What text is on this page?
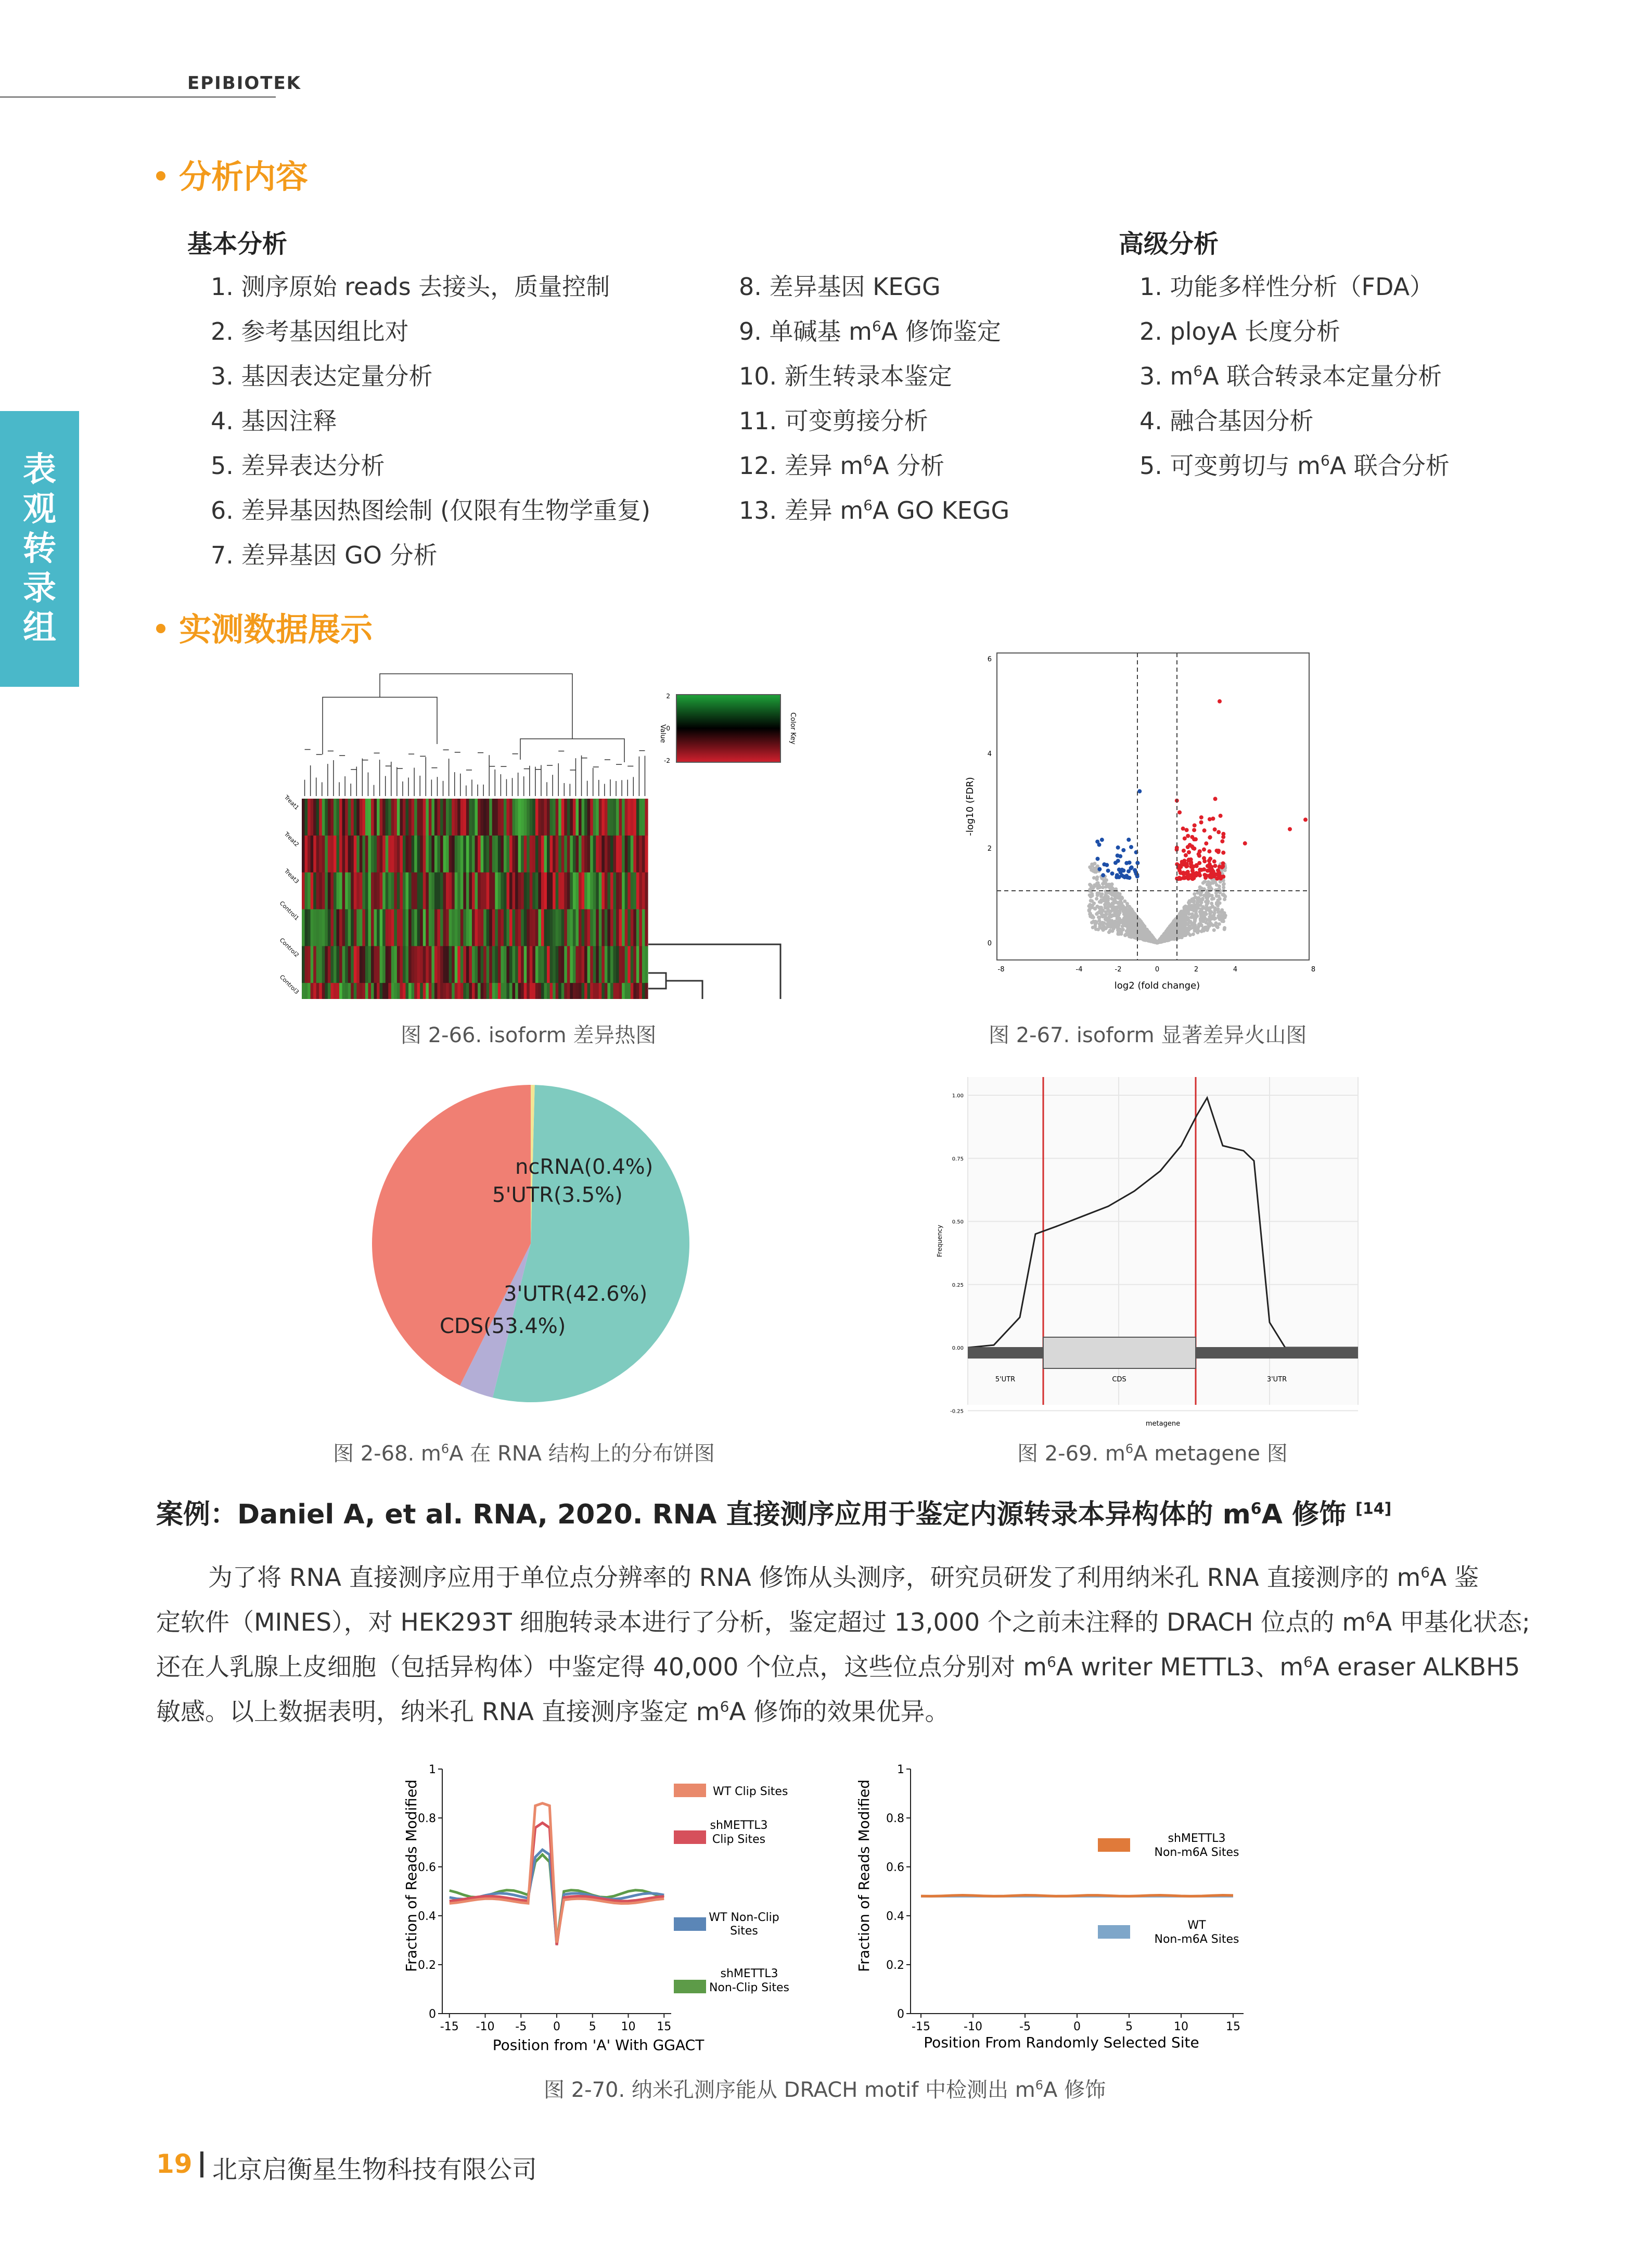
EPIBIOTEK
表
观
转
录
组
分析内容
基本分析	高级分析
1. 测序原始 reads 去接头，质量控制
2. 参考基因组比对
3. 基因表达定量分析
4. 基因注释
5. 差异表达分析
6. 差异基因热图绘制 (仅限有生物学重复)
7. 差异基因 GO 分析
8. 差异基因 KEGG
9. 单碱基 $m^6A$ 修饰鉴定
10. 新生转录本鉴定
11. 可变剪接分析
12. 差异 $m^6A$ 分析
13. 差异 $m^6A$ GO KEGG
1. 功能多样性分析（FDA）
2. ployA 长度分析
3. $m^6A$ 联合转录本定量分析
4. 融合基因分析
5. 可变剪切与 $m^6A$ 联合分析
实测数据展示
Treat1
Treat2
Treat3
Control1
Control2
Control3
Value	Color Key
2
0
-2
图 2-66. isoform 差异热图
-8	-4	-2	0	2	4	8
0
2
4
6
log2 (fold change)
-log10 (FDR)
图 2-67. isoform 显著差异火山图
ncRNA(0.4%)
5'UTR(3.5%)
3'UTR(42.6%)
CDS(53.4%)
图 2-68. $m^6A$ 在 RNA 结构上的分布饼图
5'UTR	CDS	3'UTR
-0.25
0.00
0.25
0.50
0.75
1.00
Frequency
metagene
图 2-69. $m^6A$ metagene 图
案例：Daniel A, et al. RNA, 2020. RNA 直接测序应用于鉴定内源转录本异构体的 $m^6A$ 修饰 [14]
为了将 RNA 直接测序应用于单位点分辨率的 RNA 修饰从头测序，研究员研发了利用纳米孔 RNA 直接测序的 $m^6A$ 鉴
定软件（MINES），对 HEK293T 细胞转录本进行了分析，鉴定超过 13,000 个之前未注释的 DRACH 位点的 $m^6A$ 甲基化状态;
还在人乳腺上皮细胞（包括异构体）中鉴定得 40,000 个位点，这些位点分别对 $m^6A$ writer METTL3、$m^6A$ eraser ALKBH5
敏感。以上数据表明，纳米孔 RNA 直接测序鉴定 $m^6A$ 修饰的效果优异。
0
0.2
0.4
0.6
0.8
1
-15 -10 -5 0 5 10 15
Fraction of Reads Modified
Position from 'A' With GGACT
WT Clip Sites
shMETTL3
Clip Sites
WT Non-Clip
Sites
shMETTL3
Non-Clip Sites
0
0.2
0.4
0.6
0.8
1
-15	-10	-5	0	5	10	15
Fraction of Reads Modified
Position From Randomly Selected Site
shMETTL3
Non-m6A Sites
WT
Non-m6A Sites
图 2-70. 纳米孔测序能从 DRACH motif 中检测出 $m^6A$ 修饰
19 北京启衡星生物科技有限公司
